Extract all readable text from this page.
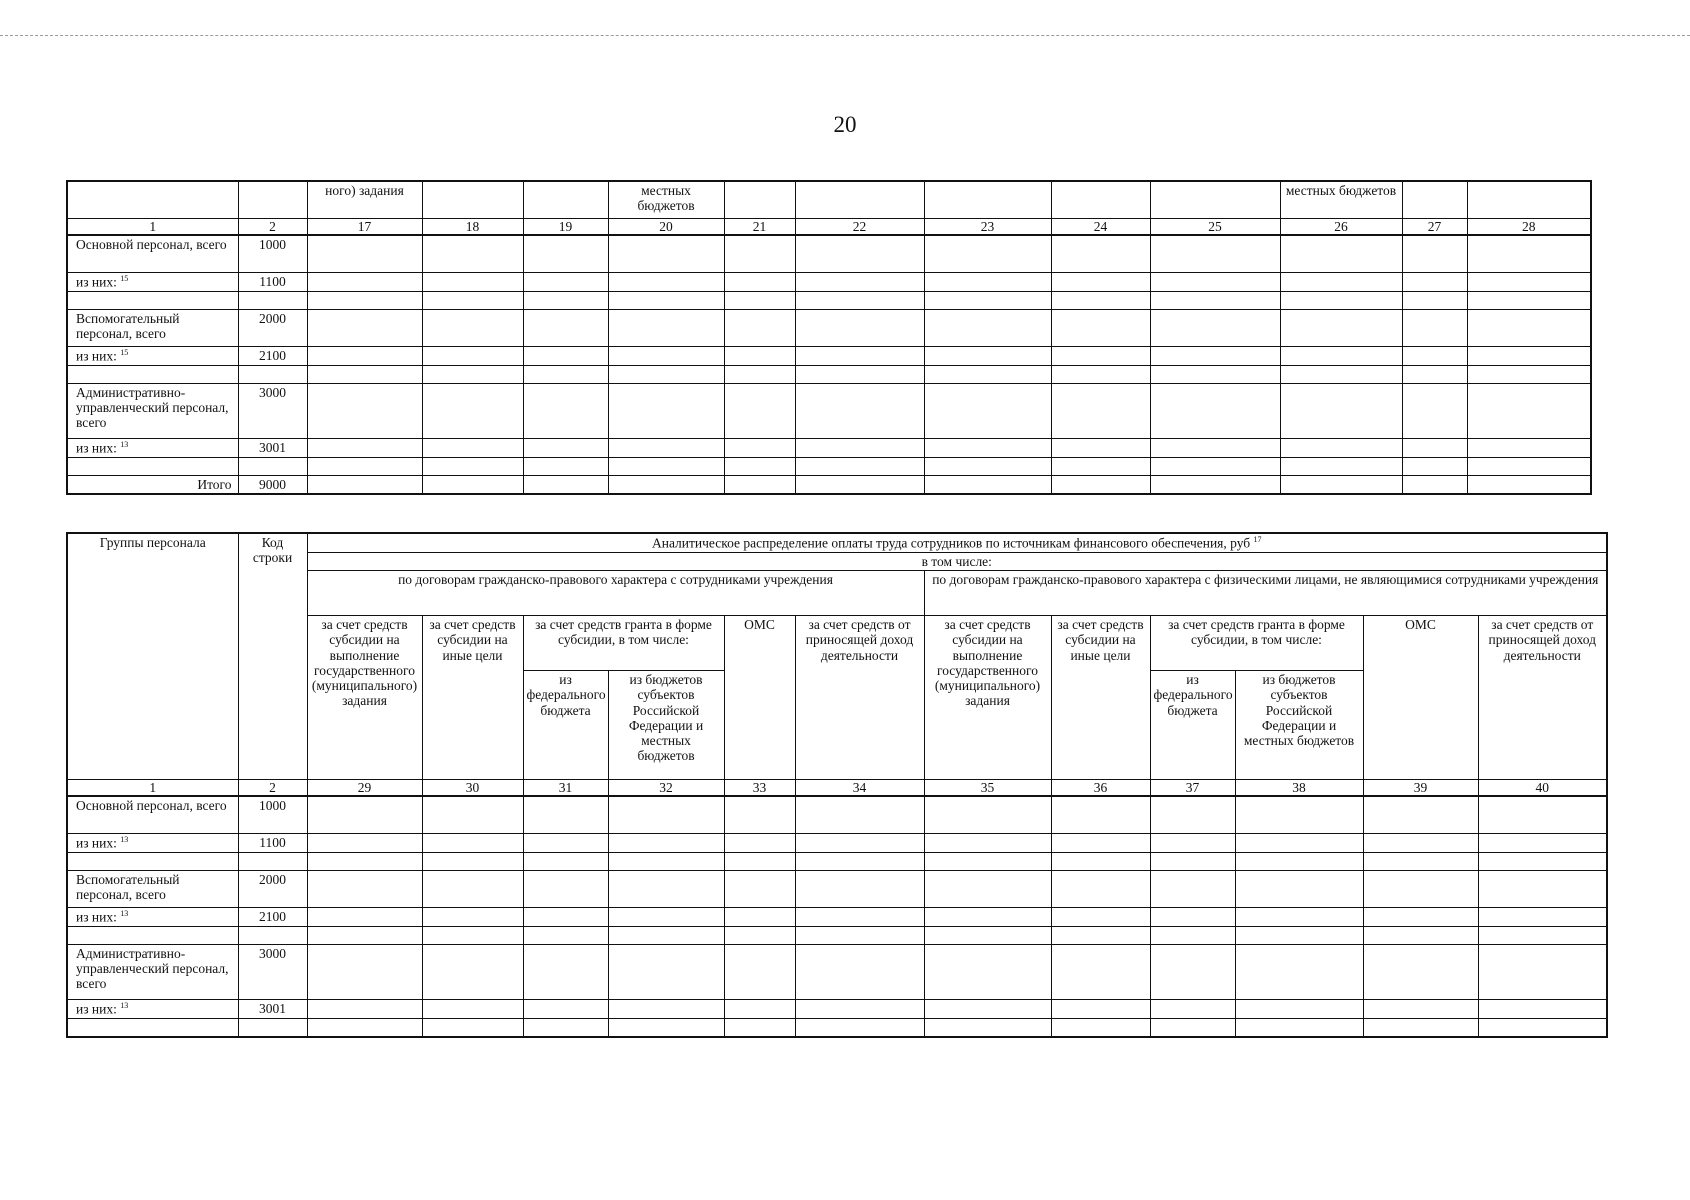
20
		ного) задания			местных бюджетов						местных бюджетов		
1	2	17	18	19	20	21	22	23	24	25	26	27	28
Основной персонал, всего	1000												
из них: $^{15}$	1100												

Вспомогательный персонал, всего	2000												
из них: $^{15}$	2100												

Административно-управленческий персонал, всего	3000												
из них: $^{13}$	3001												

Итого	9000												
Группы персонала	Код строки	Аналитическое распределение оплаты труда сотрудников по источникам финансового обеспечения, руб $^{17}$
		в том числе:											
		по договорам гражданско-правового характера с сотрудниками учреждения						по договорам гражданско-правового характера с физическими лицами, не являющимися сотрудниками учреждения					
		за счет средств субсидии на выполнение государственного (муниципального) задания	за счет средств субсидии на иные цели	за счет средств гранта в форме субсидии, в том числе:		ОМС	за счет средств от приносящей доход деятельности	за счет средств субсидии на выполнение государственного (муниципального) задания	за счет средств субсидии на иные цели	за счет средств гранта в форме субсидии, в том числе:		ОМС	за счет средств от приносящей доход деятельности
				из федерального бюджета	из бюджетов субъектов Российской Федерации и местных бюджетов					из федерального бюджета	из бюджетов субъектов Российской Федерации и местных бюджетов		
1	2	29	30	31	32	33	34	35	36	37	38	39	40
Основной персонал, всего	1000												
из них: $^{13}$	1100												

Вспомогательный персонал, всего	2000												
из них: $^{13}$	2100												

Административно-управленческий персонал, всего	3000												
из них: $^{13}$	3001												
